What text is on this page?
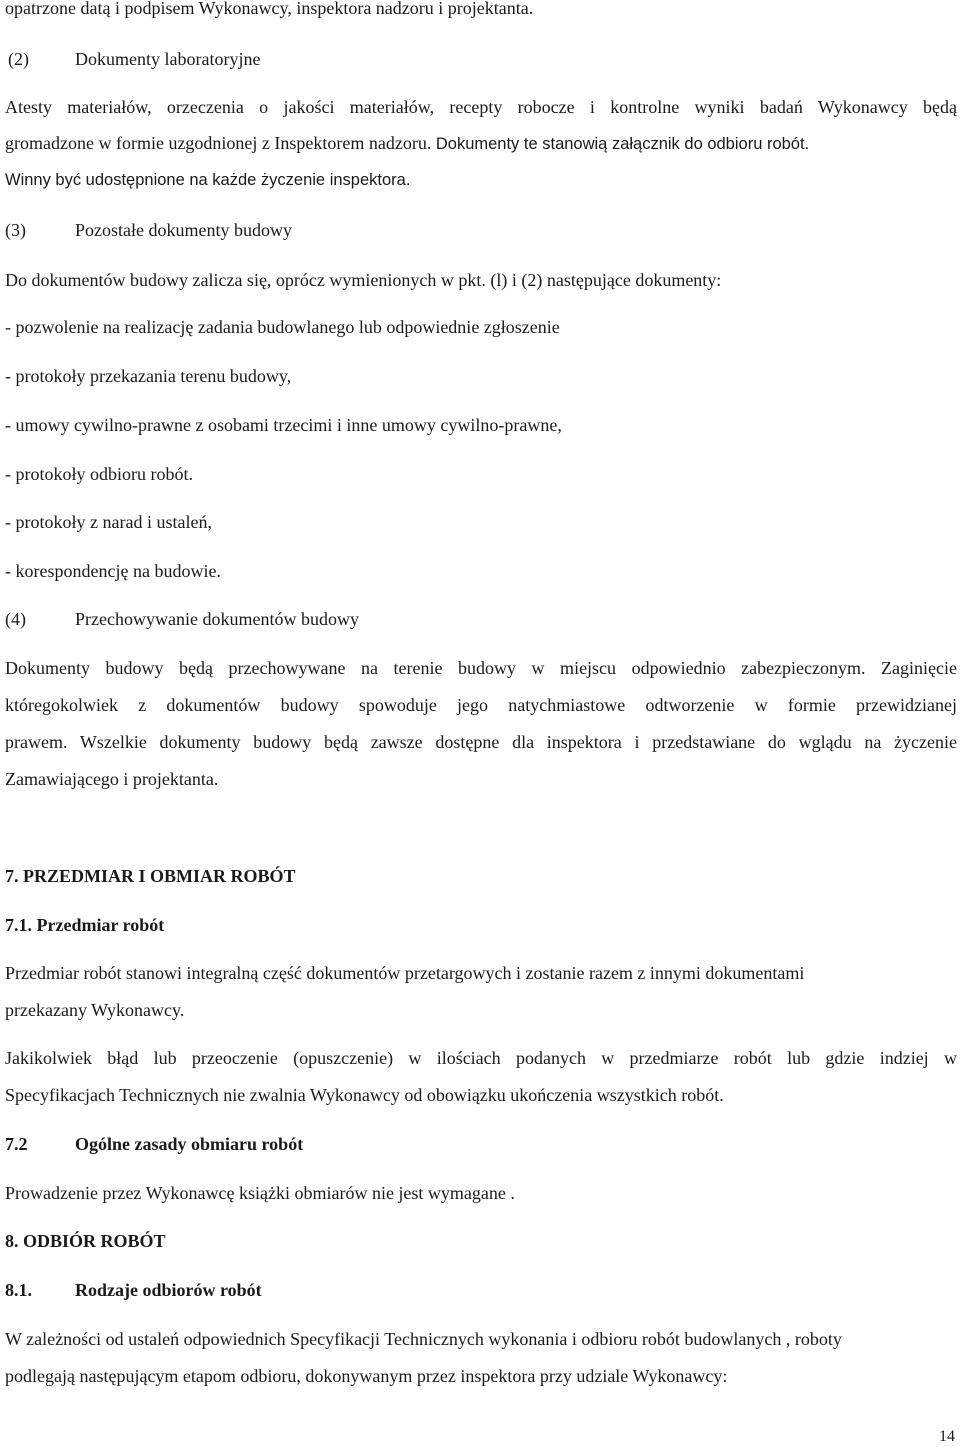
opatrzone datą i podpisem Wykonawcy, inspektora nadzoru i projektanta.
(2)	Dokumenty laboratoryjne
Atesty materiałów, orzeczenia o jakości materiałów, recepty robocze i kontrolne wyniki badań Wykonawcy będą
gromadzone w formie uzgodnionej z Inspektorem nadzoru. Dokumenty te stanowią załącznik do odbioru robót.
Winny być udostępnione na każde życzenie inspektora.
(3)	Pozostałe dokumenty budowy
Do dokumentów budowy zalicza się, oprócz wymienionych w pkt. (l) i (2) następujące dokumenty:
- pozwolenie na realizację zadania budowlanego lub odpowiednie zgłoszenie
- protokoły przekazania terenu budowy,
- umowy cywilno-prawne z osobami trzecimi i inne umowy cywilno-prawne,
- protokoły odbioru robót.
- protokoły z narad i ustaleń,
- korespondencję na budowie.
(4)	Przechowywanie dokumentów budowy
Dokumenty budowy będą przechowywane na terenie budowy w miejscu odpowiednio zabezpieczonym. Zaginięcie
któregokolwiek z dokumentów budowy spowoduje jego natychmiastowe odtworzenie w formie przewidzianej
prawem. Wszelkie dokumenty budowy będą zawsze dostępne dla inspektora i przedstawiane do wglądu na życzenie
Zamawiającego i projektanta.
7. PRZEDMIAR I OBMIAR ROBÓT
7.1. Przedmiar robót
Przedmiar robót stanowi integralną część dokumentów przetargowych i zostanie razem z innymi dokumentami
przekazany Wykonawcy.
Jakikolwiek błąd lub przeoczenie (opuszczenie) w ilościach podanych w przedmiarze robót lub gdzie indziej w
Specyfikacjach Technicznych nie zwalnia Wykonawcy od obowiązku ukończenia wszystkich robót.
7.2	Ogólne zasady obmiaru robót
Prowadzenie przez Wykonawcę książki obmiarów nie jest wymagane .
8. ODBIÓR ROBÓT
8.1. Rodzaje odbiorów robót
W zależności od ustaleń odpowiednich Specyfikacji Technicznych wykonania i odbioru robót budowlanych , roboty
podlegają następującym etapom odbioru, dokonywanym przez inspektora przy udziale Wykonawcy:
14
